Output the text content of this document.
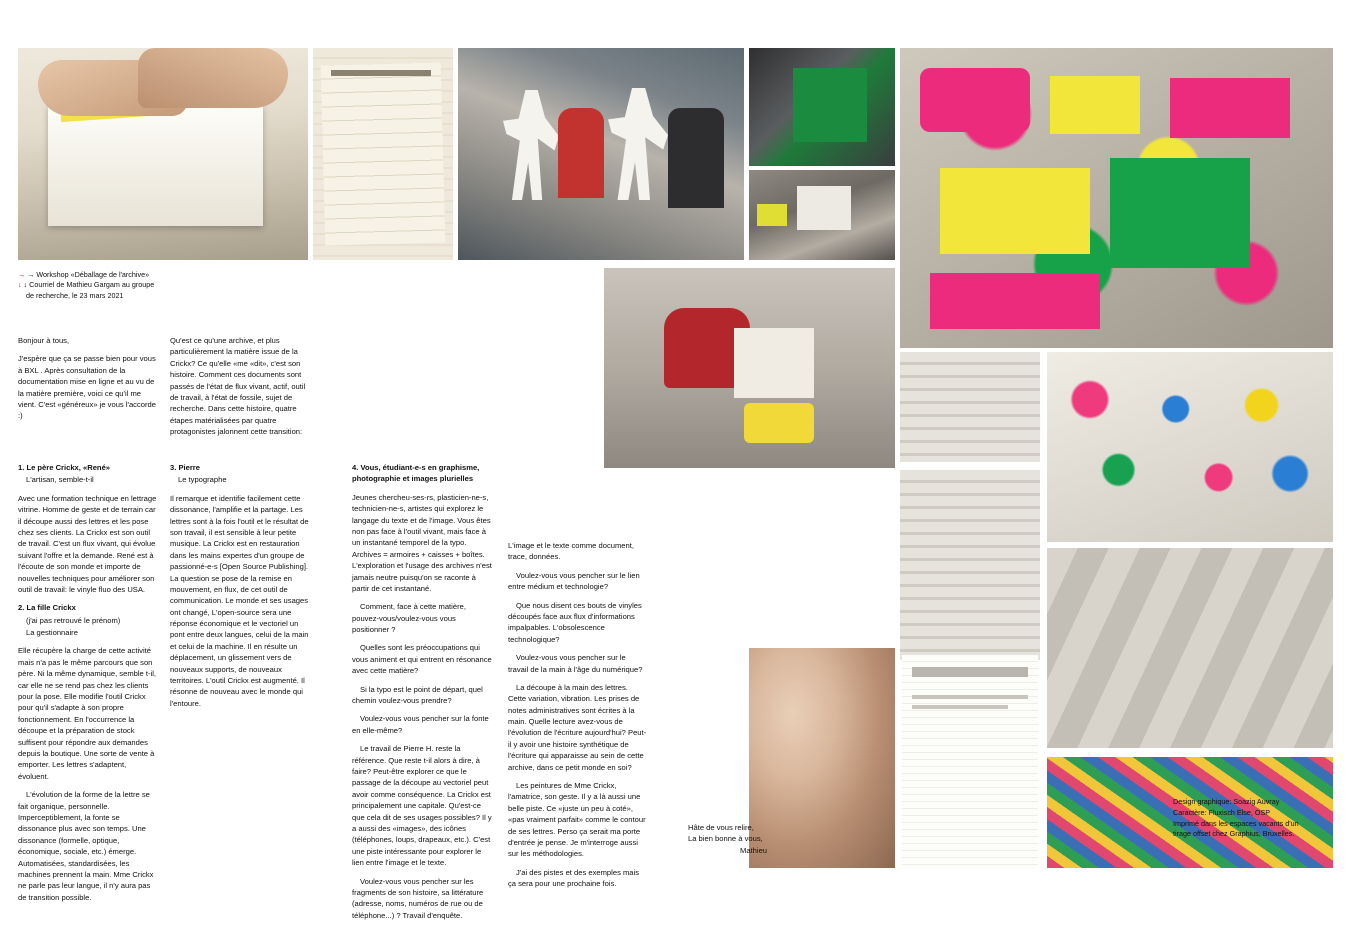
→ → Workshop «Déballage de l'archive»
↓ ↓ Courriel de Mathieu Gargam au groupe
de recherche, le 23 mars 2021

Bonjour à tous,

J'espère que ça se passe bien pour vous à BXL . Après consultation de la documentation mise en ligne et au vu de la matière première, voici ce qu'il me vient. C'est «généreux» je vous l'accorde :)

Qu'est ce qu'une archive, et plus particulièrement la matière issue de la Crickx? Ce qu'elle «me «dit», c'est son histoire. Comment ces documents sont passés de l'état de flux vivant, actif, outil de travail, à l'état de fossile, sujet de recherche. Dans cette histoire, quatre étapes matérialisées par quatre protagonistes jalonnent cette transition:

1. Le père Crickx, «René»

L'artisan, semble-t-il

Avec une formation technique en lettrage vitrine. Homme de geste et de terrain car il découpe aussi des lettres et les pose chez ses clients. La Crickx est son outil de travail. C'est un flux vivant, qui évolue suivant l'offre et la demande. René est à l'écoute de son monde et importe de nouvelles techniques pour améliorer son outil de travail: le vinyle fluo des USA.

2. La fille Crickx

(j'ai pas retrouvé le prénom)

La gestionnaire

Elle récupère la charge de cette activité mais n'a pas le même parcours que son père. Ni la même dynamique, semble t-il, car elle ne se rend pas chez les clients pour la pose. Elle modifie l'outil Crickx pour qu'il s'adapte à son propre fonctionnement. En l'occurrence la découpe et la préparation de stock suffisent pour répondre aux demandes depuis la boutique. Une sorte de vente à emporter. Les lettres s'adaptent, évoluent.

L'évolution de la forme de la lettre se fait organique, personnelle. Imperceptiblement, la fonte se dissonance plus avec son temps. Une dissonance (formelle, optique, économique, sociale, etc.) émerge. Automatisées, standardisées, les machines prennent la main. Mme Crickx ne parle pas leur langue, il n'y aura pas de transition possible.

3. Pierre

Le typographe

Il remarque et identifie facilement cette dissonance, l'amplifie et la partage. Les lettres sont à la fois l'outil et le résultat de son travail, il est sensible à leur petite musique. La Crickx est en restauration dans les mains expertes d'un groupe de passionné-e-s [Open Source Publishing]. La question se pose de la remise en mouvement, en flux, de cet outil de communication. Le monde et ses usages ont changé, L'open-source sera une réponse économique et le vectoriel un pont entre deux langues, celui de la main et celui de la machine. Il en résulte un déplacement, un glissement vers de nouveaux supports, de nouveaux territoires. L'outil Crickx est augmenté. Il résonne de nouveau avec le monde qui l'entoure.

4. Vous, étudiant-e-s en graphisme, photographie et images plurielles

Jeunes chercheu-ses-rs, plasticien-ne-s, technicien-ne-s, artistes qui explorez le langage du texte et de l'image. Vous êtes non pas face à l'outil vivant, mais face à un instantané temporel de la typo. Archives = armoires + caisses + boîtes. L'exploration et l'usage des archives n'est jamais neutre puisqu'on se raconte à partir de cet instantané.

Comment, face à cette matière, pouvez-vous/voulez-vous vous positionner ?

Quelles sont les préoccupations qui vous animent et qui entrent en résonance avec cette matière?

Si la typo est le point de départ, quel chemin voulez-vous prendre?

Voulez-vous vous pencher sur la fonte en elle-même?

Le travail de Pierre H. reste la référence. Que reste t-il alors à dire, à faire? Peut-être explorer ce que le passage de la découpe au vectoriel peut avoir comme conséquence. La Crickx est principalement une capitale. Qu'est-ce que cela dit de ses usages possibles? Il y a aussi des «images», des icônes (téléphones, loups, drapeaux, etc.). C'est une piste intéressante pour explorer le lien entre l'image et le texte.

Voulez-vous vous pencher sur les fragments de son histoire, sa littérature (adresse, noms, numéros de rue ou de téléphone...) ? Travail d'enquête.

L'image et le texte comme document, trace, données.

Voulez-vous vous pencher sur le lien entre médium et technologie?

Que nous disent ces bouts de vinyles découpés face aux flux d'informations impalpables. L'obsolescence technologique?

Voulez-vous vous pencher sur le travail de la main à l'âge du numérique?

La découpe à la main des lettres. Cette variation, vibration. Les prises de notes administratives sont écrites à la main. Quelle lecture avez-vous de l'évolution de l'écriture aujourd'hui? Peut-il y avoir une histoire synthétique de l'écriture qui apparaisse au sein de cette archive, dans ce petit monde en soi?

Les peintures de Mme Crickx, l'amatrice, son geste. Il y a là aussi une belle piste. Ce «juste un peu à coté», «pas vraiment parfait» comme le contour de ses lettres. Perso ça serait ma porte d'entrée je pense. Je m'interroge aussi sur les méthodologies.

J'ai des pistes et des exemples mais ça sera pour une prochaine fois.

Hâte de vous relire,
La bien bonne à vous,
Mathieu
Design graphique: Soazig Auvray
Caractère: Fluxisch Else, OSP
Imprimé dans les espaces vacants d'un
tirage offset chez Graphius, Bruxelles.
